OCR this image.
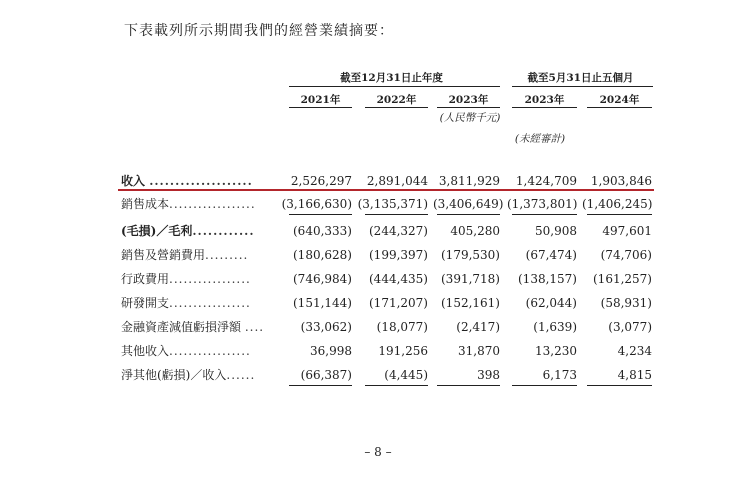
下表載列所示期間我們的經營業績摘要：
截至12月31日止年度	截至5月31日止五個月
2021年	2022年	2023年	2023年	2024年
(人民幣千元)
(未經審計)
收入 ....................	2,526,297	2,891,044 3,811,929	1,424,709	1,903,846
銷售成本..................	(3,166,630) (3,135,371) (3,406,649) (1,373,801) (1,406,245)
(毛損)／毛利............	(640,333)	(244,327)	405,280	50,908	497,601
銷售及營銷費用.........	(180,628)	(199,397)	(179,530)	(67,474)	(74,706)
行政費用.................	(746,984)	(444,435)	(391,718)	(138,157)	(161,257)
研發開支.................	(151,144)	(171,207)	(152,161)	(62,044)	(58,931)
金融資產減值虧損淨額 ....	(33,062)	(18,077)	(2,417)	(1,639)	(3,077)
其他收入.................	36,998	191,256	31,870	13,230	4,234
淨其他(虧損)／收入......	(66,387)	(4,445)	398	6,173	4,815
– 8 –
